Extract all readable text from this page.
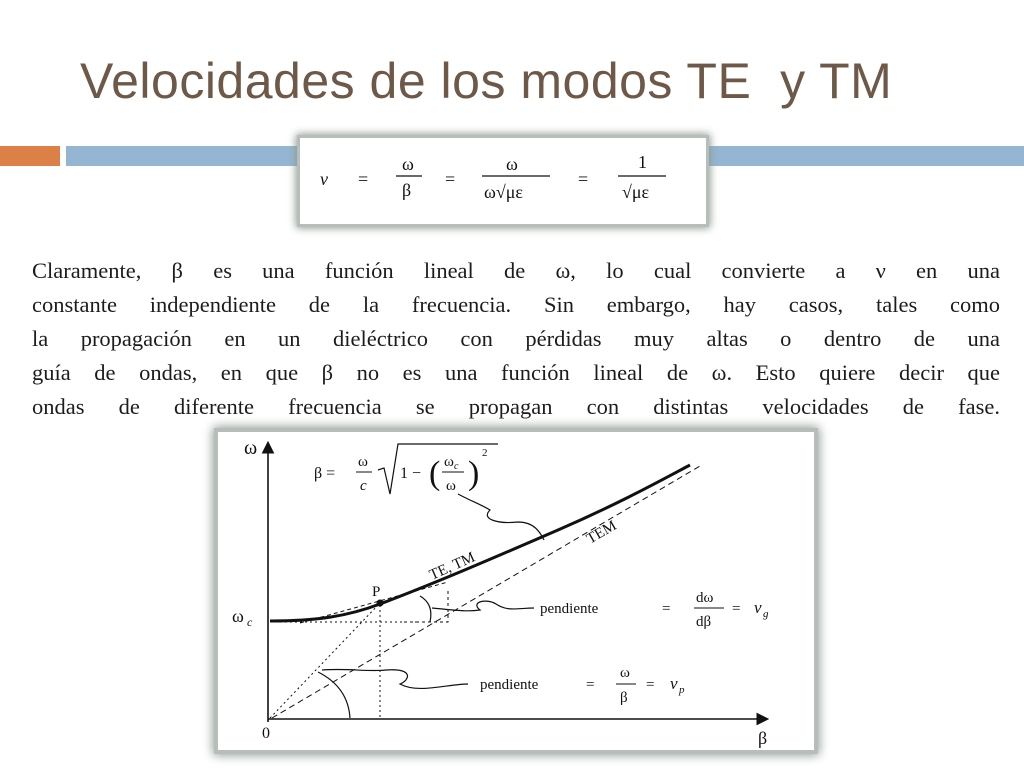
Velocidades de los modos TE  y TM
ν =
ω
β
=
ω
ω√με
=
1
√με
Claramente, β es una función lineal de ω, lo cual convierte a ν en una
constante independiente de la frecuencia. Sin embargo, hay casos, tales como
la propagación en un dieléctrico con pérdidas muy altas o dentro de una
guía de ondas, en que β no es una función lineal de ω. Esto quiere decir que
ondas de diferente frecuencia se propagan con distintas velocidades de fase.
ω
β
0
ω c
TEM
TE, TM
P
β =
ω
c
1 − ( ω c
ω )
2
pendiente	=
dω
dβ
= ν g
pendiente	=
ω
β
= ν p
